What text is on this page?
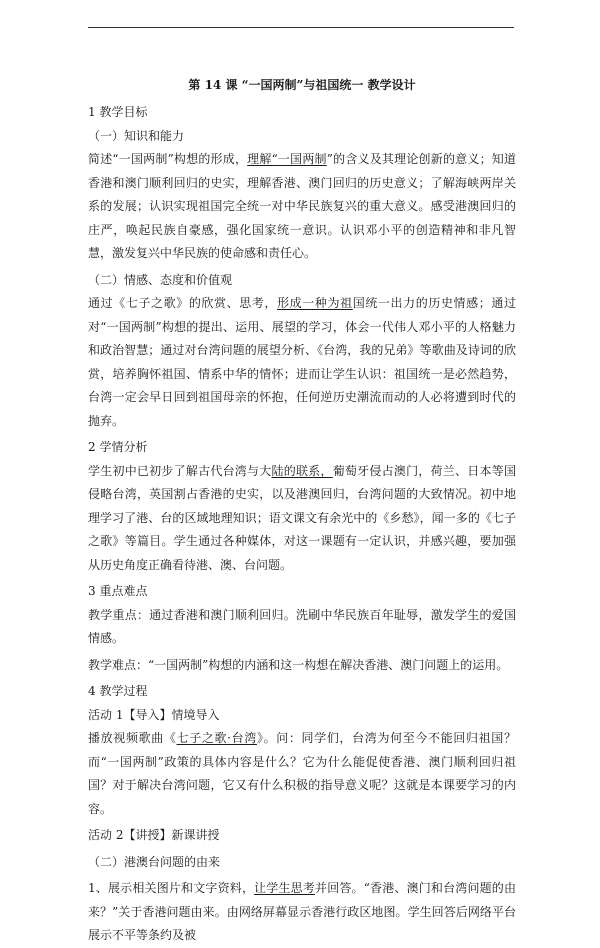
第 14 课 “一国两制”与祖国统一 教学设计
1 教学目标
（一）知识和能力
简述“一国两制”构想的形成，理解“一国两制”的含义及其理论创新的意义；知道香港和澳门顺利回归的史实，理解香港、澳门回归的历史意义；了解海峡两岸关系的发展；认识实现祖国完全统一对中华民族复兴的重大意义。感受港澳回归的庄严，唤起民族自豪感，强化国家统一意识。认识邓小平的创造精神和非凡智慧，激发复兴中华民族的使命感和责任心。
（二）情感、态度和价值观
通过《七子之歌》的欣赏、思考，形成一种为祖国统一出力的历史情感；通过对“一国两制”构想的提出、运用、展望的学习，体会一代伟人邓小平的人格魅力和政治智慧；通过对台湾问题的展望分析、《台湾，我的兄弟》等歌曲及诗词的欣赏，培养胸怀祖国、情系中华的情怀；进而让学生认识：祖国统一是必然趋势，台湾一定会早日回到祖国母亲的怀抱，任何逆历史潮流而动的人必将遭到时代的抛弃。
2 学情分析
学生初中已初步了解古代台湾与大陆的联系，葡萄牙侵占澳门，荷兰、日本等国侵略台湾，英国割占香港的史实，以及港澳回归，台湾问题的大致情况。初中地理学习了港、台的区域地理知识；语文课文有余光中的《乡愁》，闻一多的《七子之歌》等篇目。学生通过各种媒体，对这一课题有一定认识，并感兴趣，要加强从历史角度正确看待港、澳、台问题。
3 重点难点
教学重点：通过香港和澳门顺利回归。洗刷中华民族百年耻辱，激发学生的爱国情感。
教学难点：“一国两制”构想的内涵和这一构想在解决香港、澳门问题上的运用。
4 教学过程
活动 1【导入】情境导入
播放视频歌曲《七子之歌·台湾》。问：同学们，台湾为何至今不能回归祖国？而“一国两制”政策的具体内容是什么？它为什么能促使香港、澳门顺利回归祖国？对于解决台湾问题，它又有什么积极的指导意义呢？这就是本课要学习的内容。
活动 2【讲授】新课讲授
（二）港澳台问题的由来
1、展示相关图片和文字资料，让学生思考并回答。“香港、澳门和台湾问题的由来？”关于香港问题由来。由网络屏幕显示香港行政区地图。学生回答后网络平台展示不平等条约及被
